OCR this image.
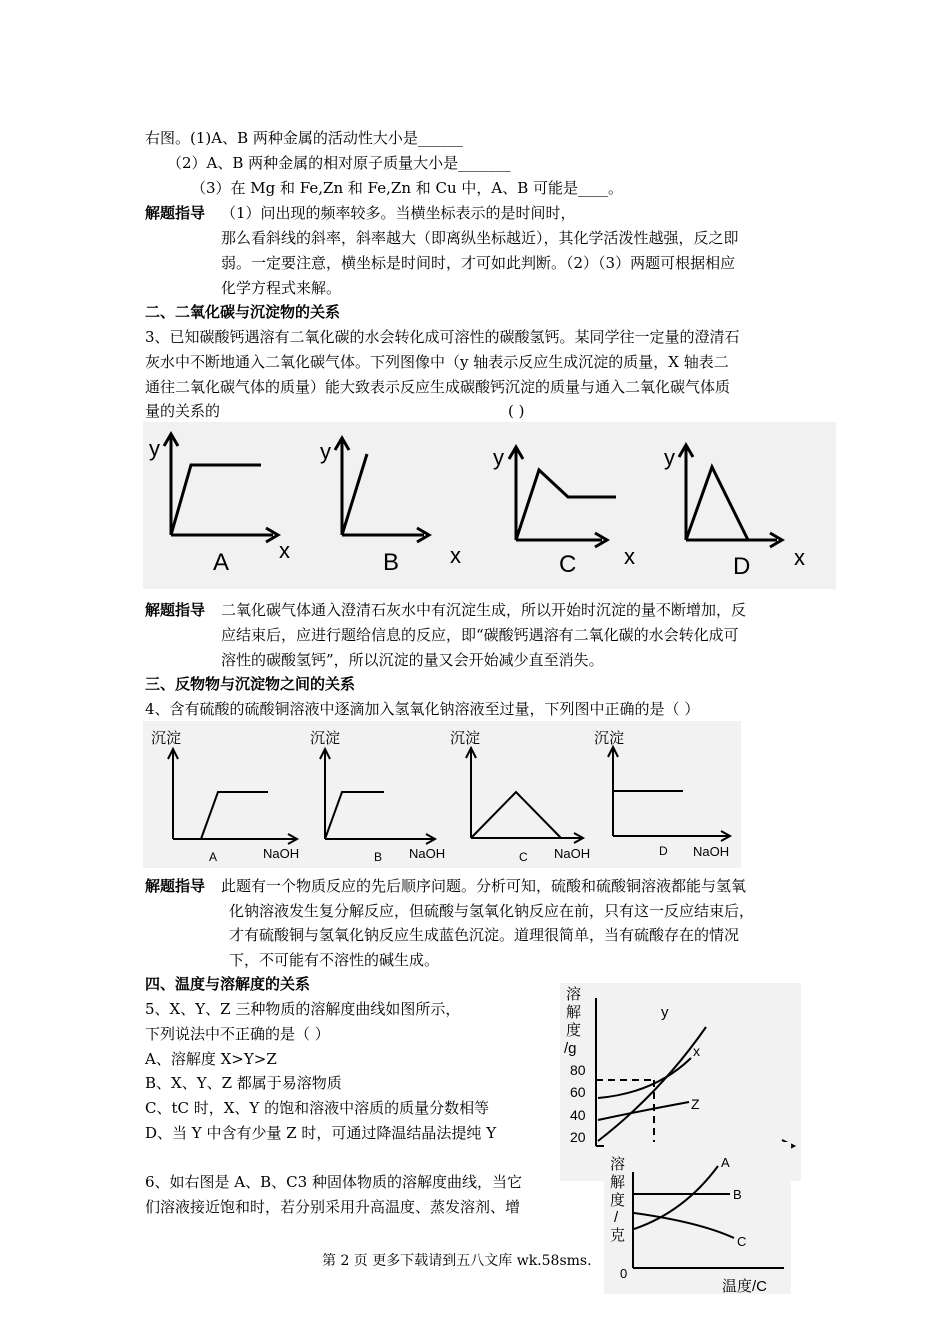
右图。(1)A、B 两种金属的活动性大小是______
（2）A、B 两种金属的相对原子质量大小是_______
（3）在 Mg 和 Fe,Zn 和 Fe,Zn 和 Cu 中，A、B 可能是____。
解题指导 （1）问出现的频率较多。当横坐标表示的是时间时，
那么看斜线的斜率，斜率越大（即离纵坐标越近），其化学活泼性越强，反之即
弱。一定要注意，横坐标是时间时，才可如此判断。（2）（3）两题可根据相应
化学方程式来解。
二、二氧化碳与沉淀物的关系
3、已知碳酸钙遇溶有二氧化碳的水会转化成可溶性的碳酸氢钙。某同学往一定量的澄清石
灰水中不断地通入二氧化碳气体。下列图像中（y 轴表示反应生成沉淀的质量，X 轴表二
通往二氧化碳气体的质量）能大致表示反应生成碳酸钙沉淀的质量与通入二氧化碳气体质
量的关系的	( )
y
x
A
y
x
B
y
x
C
y
x
D
解题指导 二氧化碳气体通入澄清石灰水中有沉淀生成，所以开始时沉淀的量不断增加，反
应结束后，应进行题给信息的反应，即“碳酸钙遇溶有二氧化碳的水会转化成可
溶性的碳酸氢钙”，所以沉淀的量又会开始减少直至消失。
三、反物物与沉淀物之间的关系
4、含有硫酸的硫酸铜溶液中逐滴加入氢氧化钠溶液至过量，下列图中正确的是（ ）
沉淀
NaOH
A
沉淀
NaOH
B
沉淀
NaOH
C
沉淀
NaOH
D
解题指导 此题有一个物质反应的先后顺序问题。分析可知，硫酸和硫酸铜溶液都能与氢氧
化钠溶液发生复分解反应，但硫酸与氢氧化钠反应在前，只有这一反应结束后，
才有硫酸铜与氢氧化钠反应生成蓝色沉淀。道理很简单，当有硫酸存在的情况
下，不可能有不溶性的碱生成。
四、温度与溶解度的关系
5、X、Y、Z 三种物质的溶解度曲线如图所示，
下列说法中不正确的是（ ）
A、溶解度 X>Y>Z
B、X、Y、Z 都属于易溶物质
C、tC 时，X、Y 的饱和溶液中溶质的质量分数相等
D、当 Y 中含有少量 Z 时，可通过降温结晶法提纯 Y
6、如右图是 A、B、C3 种固体物质的溶解度曲线，当它
们溶液接近饱和时，若分别采用升高温度、蒸发溶剂、增
溶
解
度
/g
80
60
40
20
y
x
Z
溶
解
度
/
克
0
温度/C
A
B
C
第 2 页 更多下载请到五八文库 wk.58sms.
